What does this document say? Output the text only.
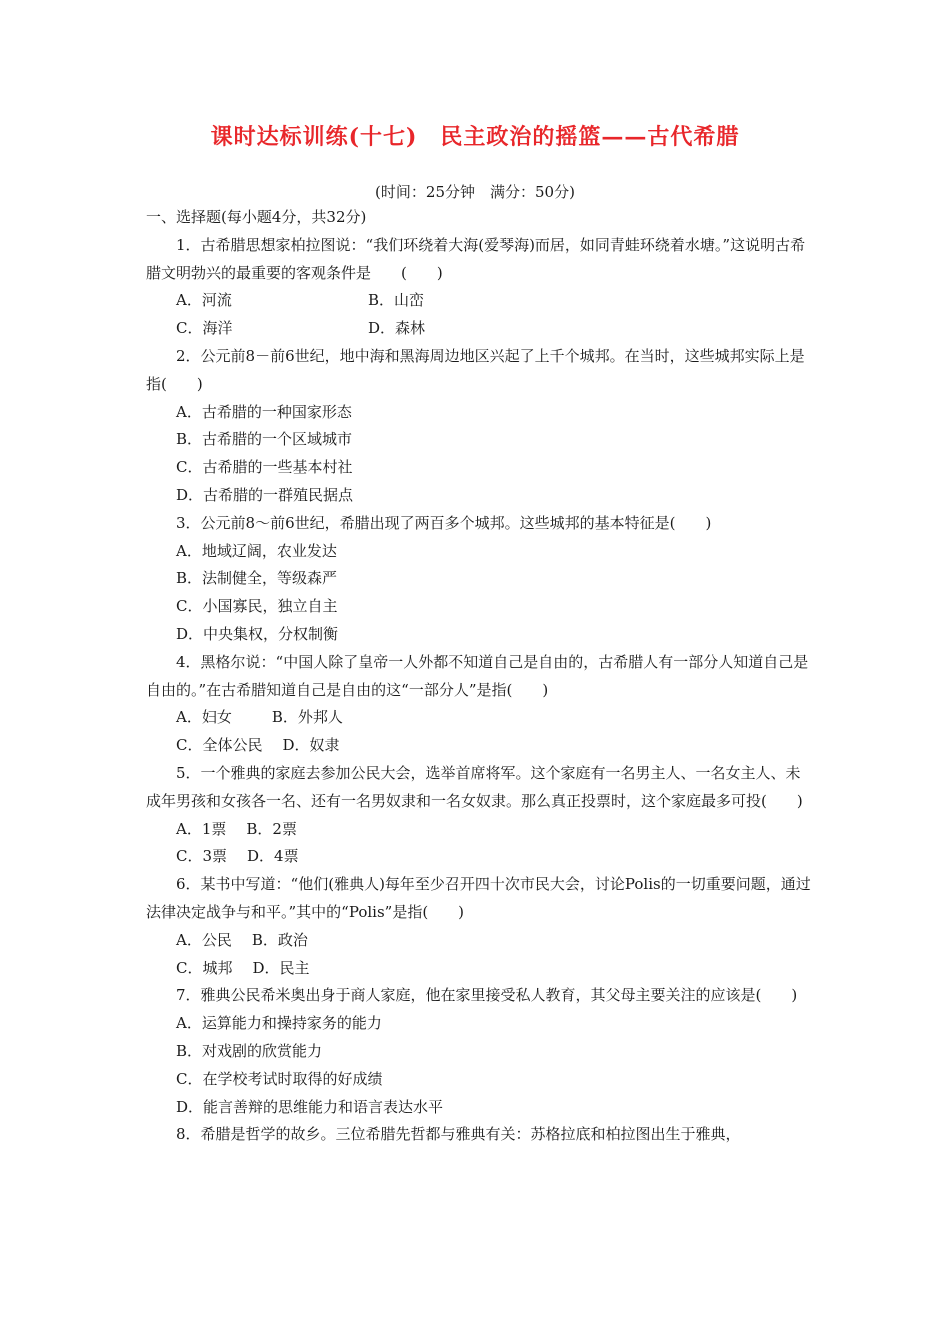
课时达标训练(十七)　民主政治的摇篮——古代希腊
(时间：25分钟　满分：50分)

一、选择题(每小题4分，共32分)

1．古希腊思想家柏拉图说：“我们环绕着大海(爱琴海)而居，如同青蛙环绕着水塘。”这说明古希腊文明勃兴的最重要的客观条件是　　(　　)

A．河流	B．山峦
C．海洋	D．森林

2．公元前8－前6世纪，地中海和黑海周边地区兴起了上千个城邦。在当时，这些城邦实际上是指(　　)

A．古希腊的一种国家形态

B．古希腊的一个区域城市

C．古希腊的一些基本村社

D．古希腊的一群殖民据点

3．公元前8～前6世纪，希腊出现了两百多个城邦。这些城邦的基本特征是(　　)

A．地域辽阔，农业发达

B．法制健全，等级森严

C．小国寡民，独立自主

D．中央集权，分权制衡

4．黑格尔说：“中国人除了皇帝一人外都不知道自己是自由的，古希腊人有一部分人知道自己是自由的。”在古希腊知道自己是自由的这“一部分人”是指(　　)

A．妇女	B．外邦人
C．全体公民 D．奴隶

5．一个雅典的家庭去参加公民大会，选举首席将军。这个家庭有一名男主人、一名女主人、未成年男孩和女孩各一名、还有一名男奴隶和一名女奴隶。那么真正投票时，这个家庭最多可投(　　)

A．1票 B．2票
C．3票 D．4票

6．某书中写道：“他们(雅典人)每年至少召开四十次市民大会，讨论Polis的一切重要问题，通过法律决定战争与和平。”其中的“Polis”是指(　　)

A．公民 B．政治
C．城邦 D．民主

7．雅典公民希米奥出身于商人家庭，他在家里接受私人教育，其父母主要关注的应该是(　　)

A．运算能力和操持家务的能力

B．对戏剧的欣赏能力

C．在学校考试时取得的好成绩

D．能言善辩的思维能力和语言表达水平

8．希腊是哲学的故乡。三位希腊先哲都与雅典有关：苏格拉底和柏拉图出生于雅典，
